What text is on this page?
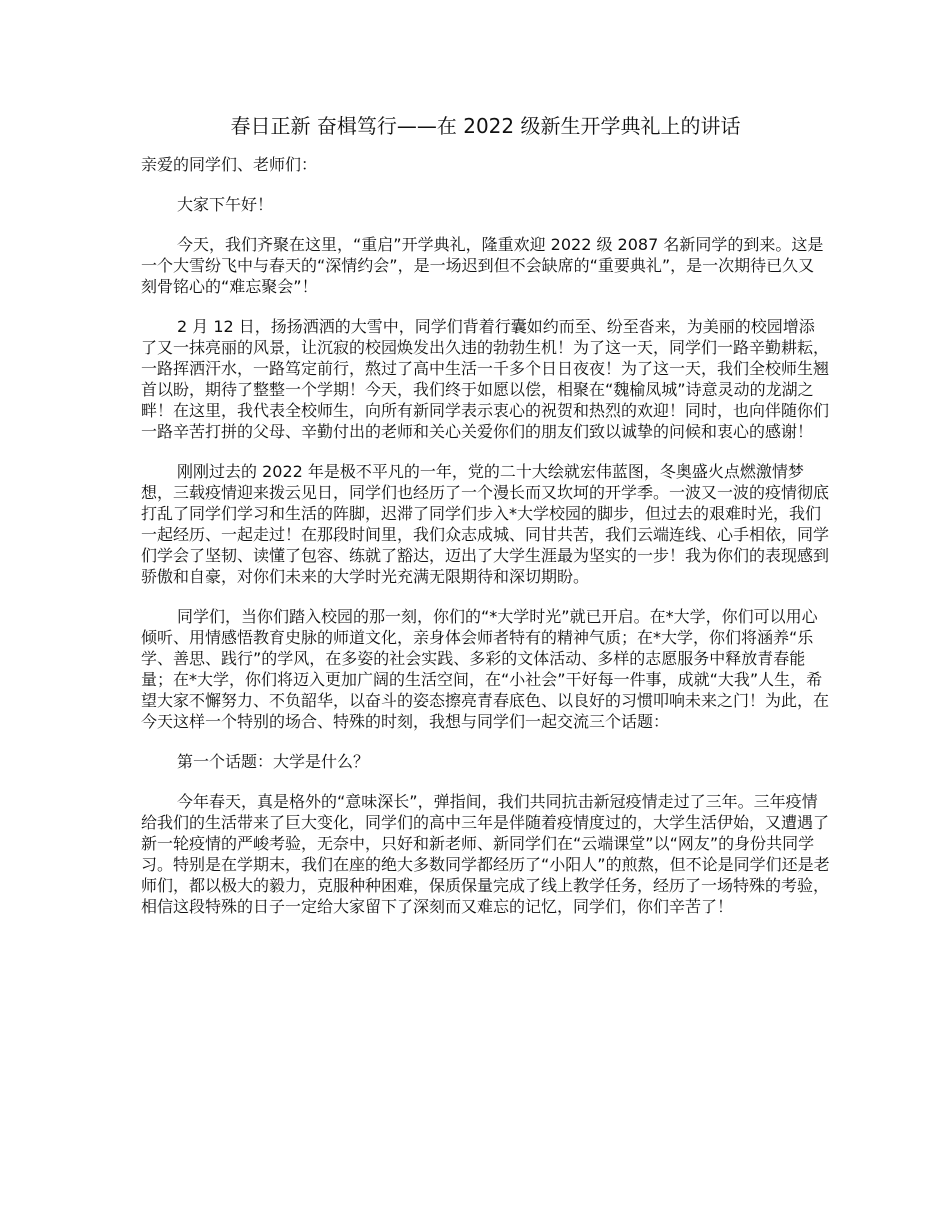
春日正新 奋楫笃行——在 2022 级新生开学典礼上的讲话

亲爱的同学们、老师们：

大家下午好！

今天，我们齐聚在这里，“重启”开学典礼，隆重欢迎 2022 级 2087 名新同学的到来。这是一个大雪纷飞中与春天的“深情约会”，是一场迟到但不会缺席的“重要典礼”，是一次期待已久又刻骨铭心的“难忘聚会”！

2 月 12 日，扬扬洒洒的大雪中，同学们背着行囊如约而至、纷至沓来，为美丽的校园增添了又一抹亮丽的风景，让沉寂的校园焕发出久违的勃勃生机！为了这一天，同学们一路辛勤耕耘，一路挥洒汗水，一路笃定前行，熬过了高中生活一千多个日日夜夜！为了这一天，我们全校师生翘首以盼，期待了整整一个学期！今天，我们终于如愿以偿，相聚在“魏榆凤城”诗意灵动的龙湖之畔！在这里，我代表全校师生，向所有新同学表示衷心的祝贺和热烈的欢迎！同时，也向伴随你们一路辛苦打拼的父母、辛勤付出的老师和关心关爱你们的朋友们致以诚挚的问候和衷心的感谢！

刚刚过去的 2022 年是极不平凡的一年，党的二十大绘就宏伟蓝图，冬奥盛火点燃激情梦想，三载疫情迎来拨云见日，同学们也经历了一个漫长而又坎坷的开学季。一波又一波的疫情彻底打乱了同学们学习和生活的阵脚，迟滞了同学们步入*大学校园的脚步，但过去的艰难时光，我们一起经历、一起走过！在那段时间里，我们众志成城、同甘共苦，我们云端连线、心手相依，同学们学会了坚韧、读懂了包容、练就了豁达，迈出了大学生涯最为坚实的一步！我为你们的表现感到骄傲和自豪，对你们未来的大学时光充满无限期待和深切期盼。

同学们，当你们踏入校园的那一刻，你们的“*大学时光”就已开启。在*大学，你们可以用心倾听、用情感悟教育史脉的师道文化，亲身体会师者特有的精神气质；在*大学，你们将涵养“乐学、善思、践行”的学风，在多姿的社会实践、多彩的文体活动、多样的志愿服务中释放青春能量；在*大学，你们将迈入更加广阔的生活空间，在“小社会”干好每一件事，成就“大我”人生，希望大家不懈努力、不负韶华，以奋斗的姿态擦亮青春底色、以良好的习惯叩响未来之门！为此，在今天这样一个特别的场合、特殊的时刻，我想与同学们一起交流三个话题：

第一个话题：大学是什么？

今年春天，真是格外的“意味深长”，弹指间，我们共同抗击新冠疫情走过了三年。三年疫情给我们的生活带来了巨大变化，同学们的高中三年是伴随着疫情度过的，大学生活伊始，又遭遇了新一轮疫情的严峻考验，无奈中，只好和新老师、新同学们在“云端课堂”以“网友”的身份共同学习。特别是在学期末，我们在座的绝大多数同学都经历了“小阳人”的煎熬，但不论是同学们还是老师们，都以极大的毅力，克服种种困难，保质保量完成了线上教学任务，经历了一场特殊的考验，相信这段特殊的日子一定给大家留下了深刻而又难忘的记忆，同学们，你们辛苦了！
